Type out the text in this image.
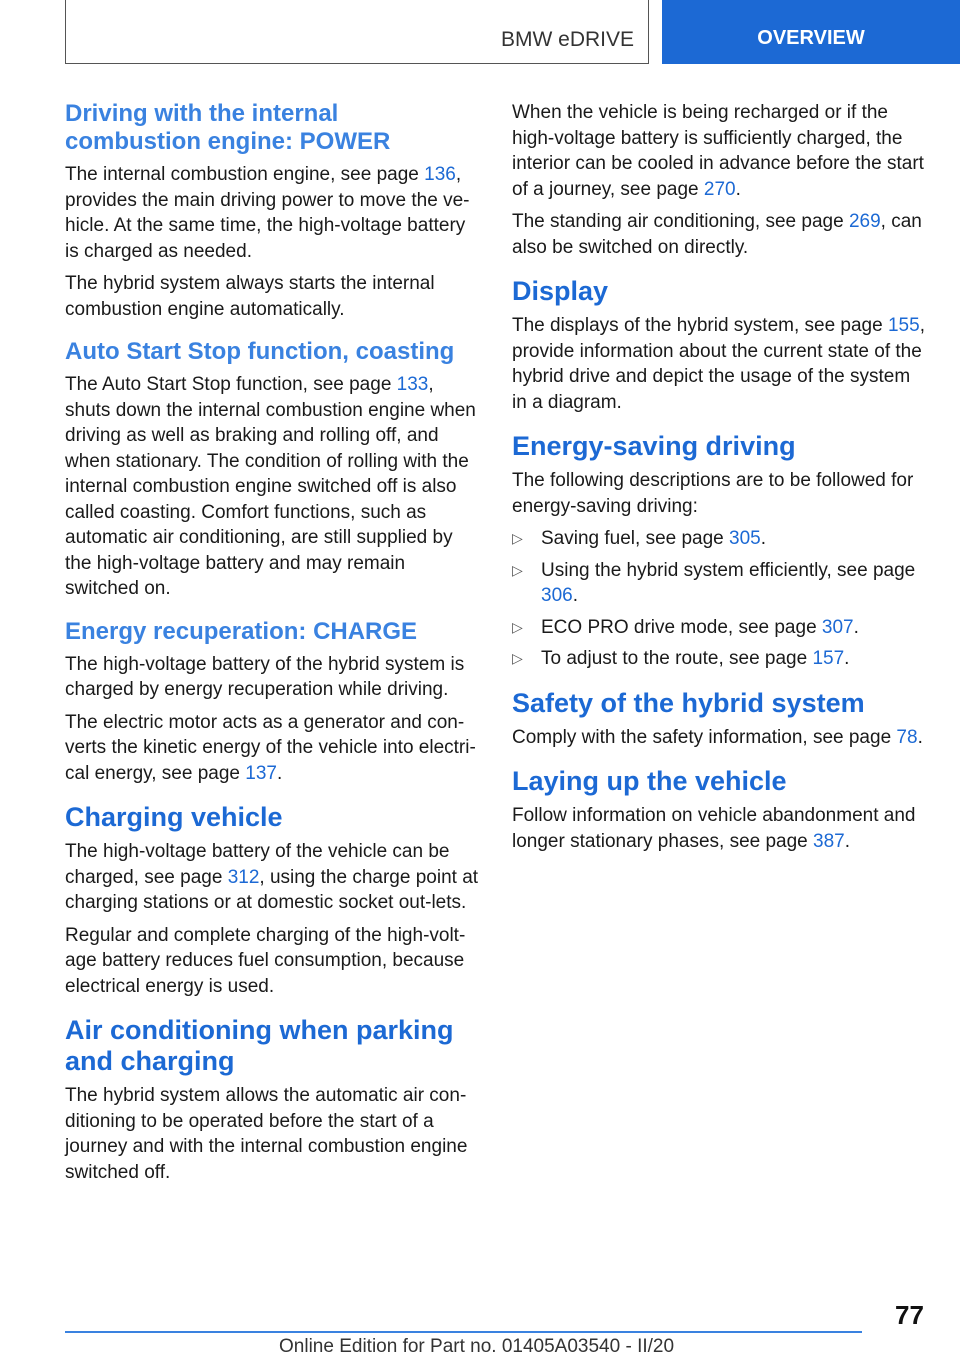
BMW eDRIVE	OVERVIEW
Driving with the internal combustion engine: POWER

The internal combustion engine, see page 136, provides the main driving power to move the ve‐hicle. At the same time, the high-voltage battery is charged as needed.

The hybrid system always starts the internal combustion engine automatically.

Auto Start Stop function, coasting

The Auto Start Stop function, see page 133, shuts down the internal combustion engine when driving as well as braking and rolling off, and when stationary. The condition of rolling with the internal combustion engine switched off is also called coasting. Comfort functions, such as automatic air conditioning, are still supplied by the high-voltage battery and may remain switched on.

Energy recuperation: CHARGE

The high-voltage battery of the hybrid system is charged by energy recuperation while driving.

The electric motor acts as a generator and con‐verts the kinetic energy of the vehicle into electri‐cal energy, see page 137.

Charging vehicle

The high-voltage battery of the vehicle can be charged, see page 312, using the charge point at charging stations or at domestic socket out‐lets.

Regular and complete charging of the high-volt‐age battery reduces fuel consumption, because electrical energy is used.

Air conditioning when parking and charging

The hybrid system allows the automatic air con‐ditioning to be operated before the start of a journey and with the internal combustion engine switched off.

When the vehicle is being recharged or if the high-voltage battery is sufficiently charged, the interior can be cooled in advance before the start of a journey, see page 270.

The standing air conditioning, see page 269, can also be switched on directly.

Display

The displays of the hybrid system, see page 155, provide information about the current state of the hybrid drive and depict the usage of the system in a diagram.

Energy-saving driving

The following descriptions are to be followed for energy-saving driving:

▷ Saving fuel, see page 305.
▷ Using the hybrid system efficiently, see page 306.
▷ ECO PRO drive mode, see page 307.
▷ To adjust to the route, see page 157.
Safety of the hybrid system

Comply with the safety information, see page 78.

Laying up the vehicle

Follow information on vehicle abandonment and longer stationary phases, see page 387.

77
Online Edition for Part no. 01405A03540 - II/20
